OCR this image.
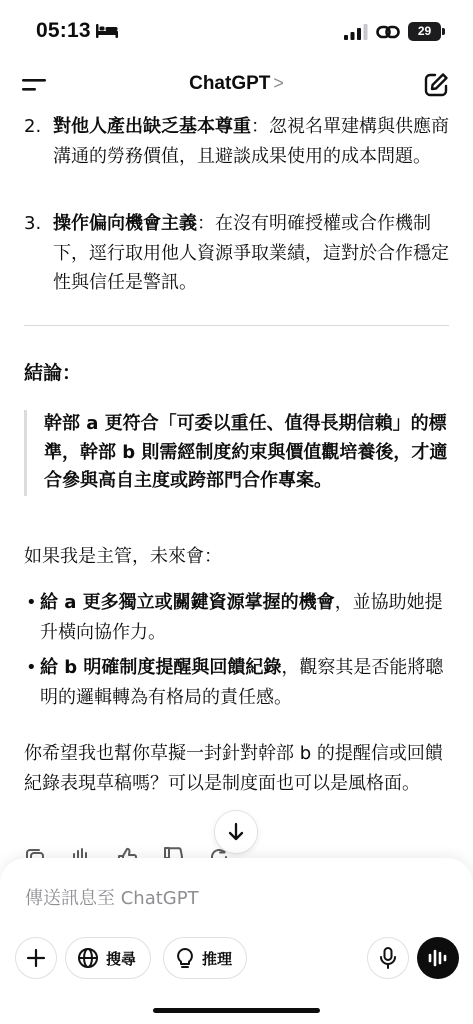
05:13	29
ChatGPT >
2. 對他人產出缺乏基本尊重：忽視名單建構與供應商溝通的勞務價值，且避談成果使用的成本問題。
3. 操作偏向機會主義：在沒有明確授權或合作機制下，逕行取用他人資源爭取業績，這對於合作穩定性與信任是警訊。
結論：
幹部 a 更符合「可委以重任、值得長期信賴」的標準，幹部 b 則需經制度約束與價值觀培養後，才適合參與高自主度或跨部門合作專案。
如果我是主管，未來會：
• 給 a 更多獨立或關鍵資源掌握的機會，並協助她提升橫向協作力。
• 給 b 明確制度提醒與回饋紀錄，觀察其是否能將聰明的邏輯轉為有格局的責任感。
你希望我也幫你草擬一封針對幹部 b 的提醒信或回饋紀錄表現草稿嗎？可以是制度面也可以是風格面。
傳送訊息至 ChatGPT
搜尋	推理
